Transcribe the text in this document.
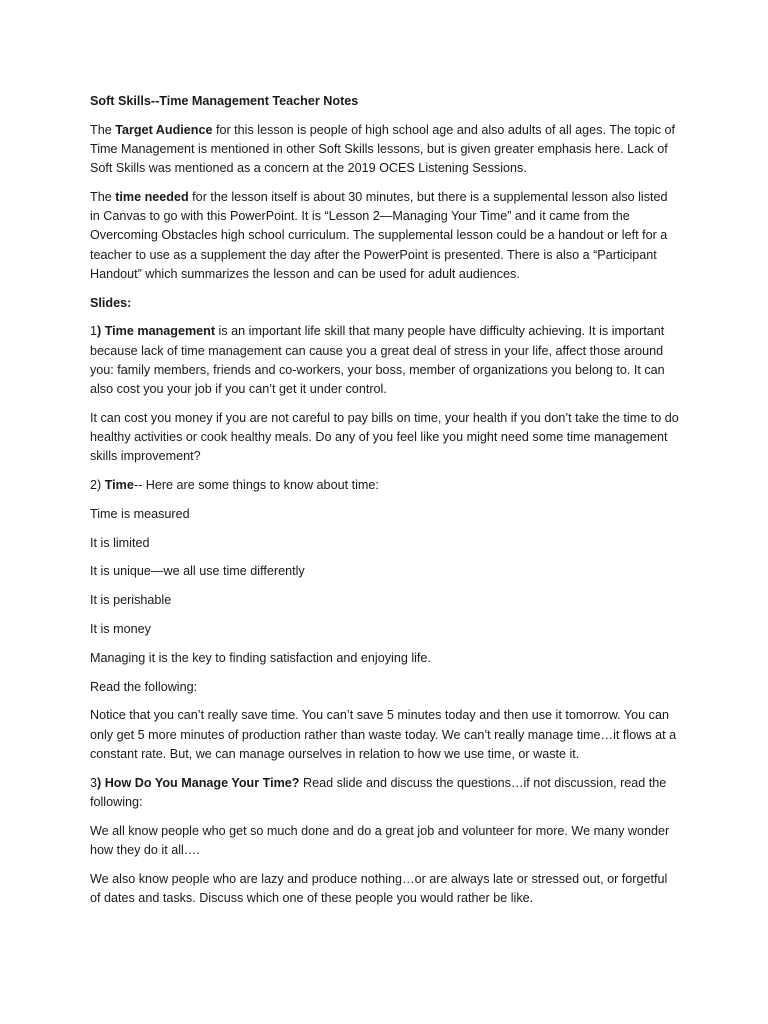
Soft Skills--Time Management Teacher Notes

The Target Audience for this lesson is people of high school age and also adults of all ages. The topic of Time Management is mentioned in other Soft Skills lessons, but is given greater emphasis here. Lack of Soft Skills was mentioned as a concern at the 2019 OCES Listening Sessions.

The time needed for the lesson itself is about 30 minutes, but there is a supplemental lesson also listed in Canvas to go with this PowerPoint. It is “Lesson 2—Managing Your Time” and it came from the Overcoming Obstacles high school curriculum. The supplemental lesson could be a handout or left for a teacher to use as a supplement the day after the PowerPoint is presented. There is also a “Participant Handout” which summarizes the lesson and can be used for adult audiences.

Slides:

1) Time management is an important life skill that many people have difficulty achieving. It is important because lack of time management can cause you a great deal of stress in your life, affect those around you: family members, friends and co-workers, your boss, member of organizations you belong to. It can also cost you your job if you can’t get it under control.

It can cost you money if you are not careful to pay bills on time, your health if you don’t take the time to do healthy activities or cook healthy meals. Do any of you feel like you might need some time management skills improvement?

2) Time-- Here are some things to know about time:

Time is measured

It is limited

It is unique—we all use time differently

It is perishable

It is money

Managing it is the key to finding satisfaction and enjoying life.

Read the following:

Notice that you can’t really save time. You can’t save 5 minutes today and then use it tomorrow. You can only get 5 more minutes of production rather than waste today. We can’t really manage time…it flows at a constant rate. But, we can manage ourselves in relation to how we use time, or waste it.

3) How Do You Manage Your Time? Read slide and discuss the questions…if not discussion, read the following:

We all know people who get so much done and do a great job and volunteer for more. We many wonder how they do it all….

We also know people who are lazy and produce nothing…or are always late or stressed out, or forgetful of dates and tasks. Discuss which one of these people you would rather be like.
